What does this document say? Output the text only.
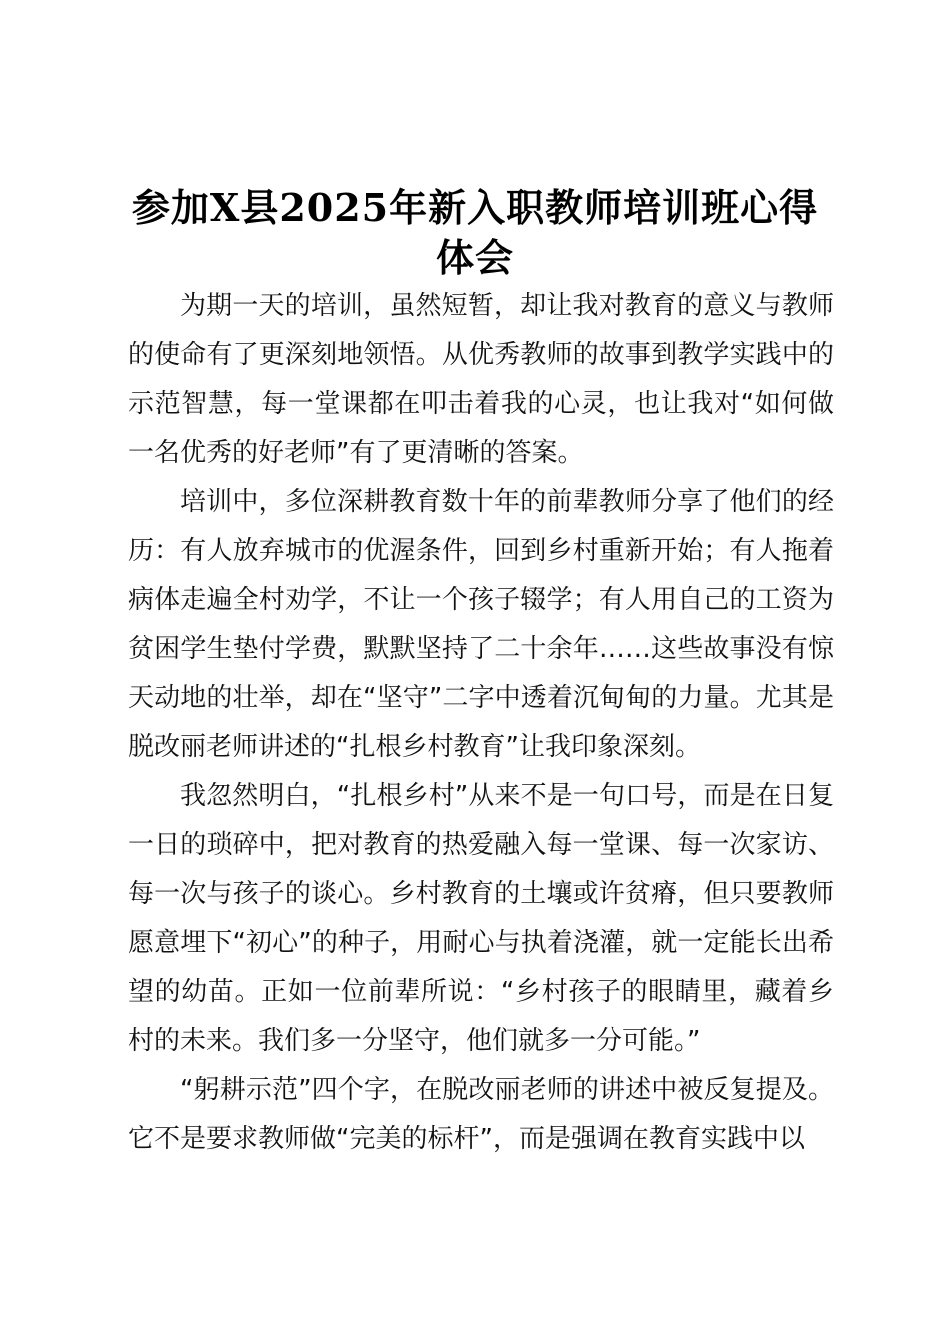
参加X县2025年新入职教师培训班心得体会

为期一天的培训，虽然短暂，却让我对教育的意义与教师的使命有了更深刻地领悟。从优秀教师的故事到教学实践中的示范智慧，每一堂课都在叩击着我的心灵，也让我对“如何做一名优秀的好老师”有了更清晰的答案。

培训中，多位深耕教育数十年的前辈教师分享了他们的经历：有人放弃城市的优渥条件，回到乡村重新开始；有人拖着病体走遍全村劝学，不让一个孩子辍学；有人用自己的工资为贫困学生垫付学费，默默坚持了二十余年……这些故事没有惊天动地的壮举，却在“坚守”二字中透着沉甸甸的力量。尤其是脱改丽老师讲述的“扎根乡村教育”让我印象深刻。

我忽然明白，“扎根乡村”从来不是一句口号，而是在日复一日的琐碎中，把对教育的热爱融入每一堂课、每一次家访、每一次与孩子的谈心。乡村教育的土壤或许贫瘠，但只要教师愿意埋下“初心”的种子，用耐心与执着浇灌，就一定能长出希望的幼苗。正如一位前辈所说：“乡村孩子的眼睛里，藏着乡村的未来。我们多一分坚守，他们就多一分可能。”

“躬耕示范”四个字，在脱改丽老师的讲述中被反复提及。它不是要求教师做“完美的标杆”，而是强调在教育实践中以
